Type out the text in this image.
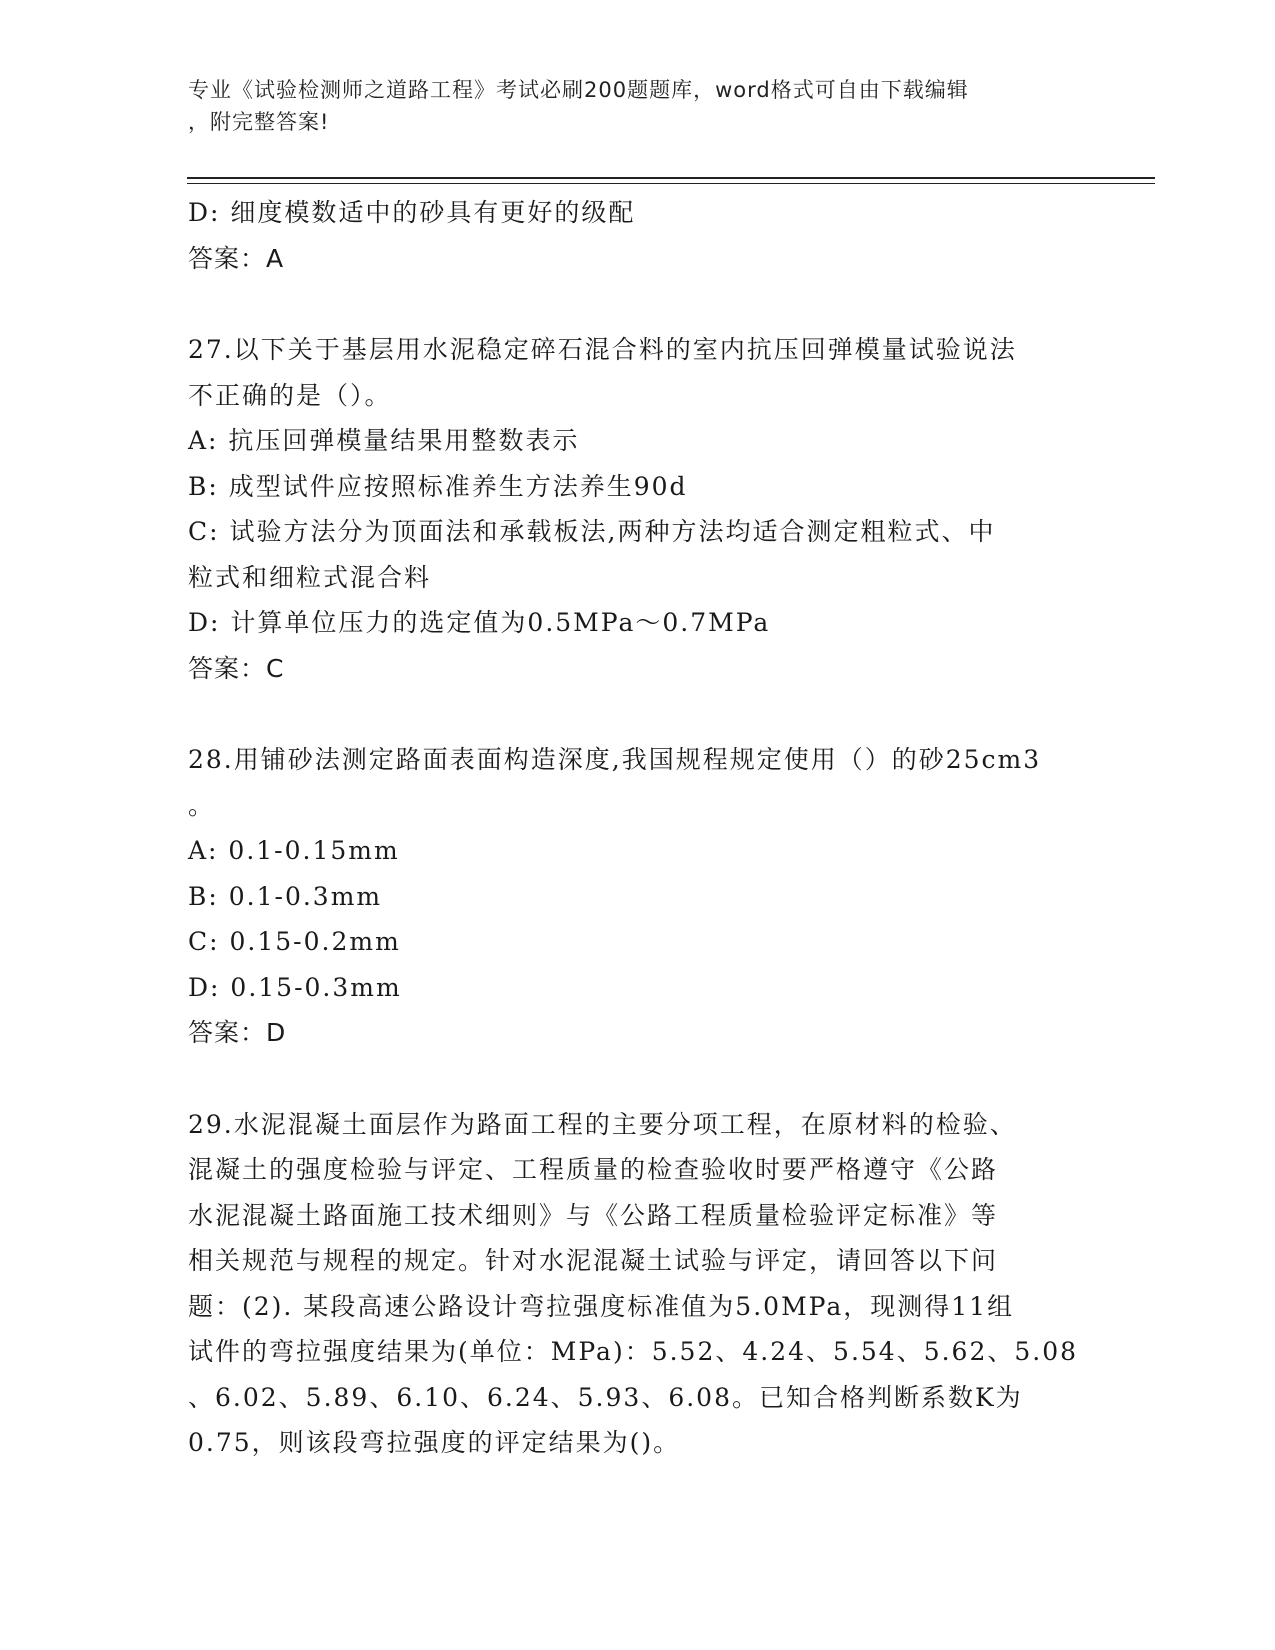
专业《试验检测师之道路工程》考试必刷200题题库，word格式可自由下载编辑
，附完整答案!
D: 细度模数适中的砂具有更好的级配
答案：A
27.以下关于基层用水泥稳定碎石混合料的室内抗压回弹模量试验说法
不正确的是（）。
A: 抗压回弹模量结果用整数表示
B: 成型试件应按照标准养生方法养生90d
C: 试验方法分为顶面法和承载板法,两种方法均适合测定粗粒式、中
粒式和细粒式混合料
D: 计算单位压力的选定值为0.5MPa～0.7MPa
答案：C
28.用铺砂法测定路面表面构造深度,我国规程规定使用（）的砂25cm3
。
A: 0.1-0.15mm
B: 0.1-0.3mm
C: 0.15-0.2mm
D: 0.15-0.3mm
答案：D
29.水泥混凝土面层作为路面工程的主要分项工程，在原材料的检验、
混凝土的强度检验与评定、工程质量的检查验收时要严格遵守《公路
水泥混凝土路面施工技术细则》与《公路工程质量检验评定标准》等
相关规范与规程的规定。针对水泥混凝土试验与评定，请回答以下问
题：(2). 某段高速公路设计弯拉强度标准值为5.0MPa，现测得11组
试件的弯拉强度结果为(单位：MPa)：5.52、4.24、5.54、5.62、5.08
、6.02、5.89、6.10、6.24、5.93、6.08。已知合格判断系数K为
0.75，则该段弯拉强度的评定结果为()。
